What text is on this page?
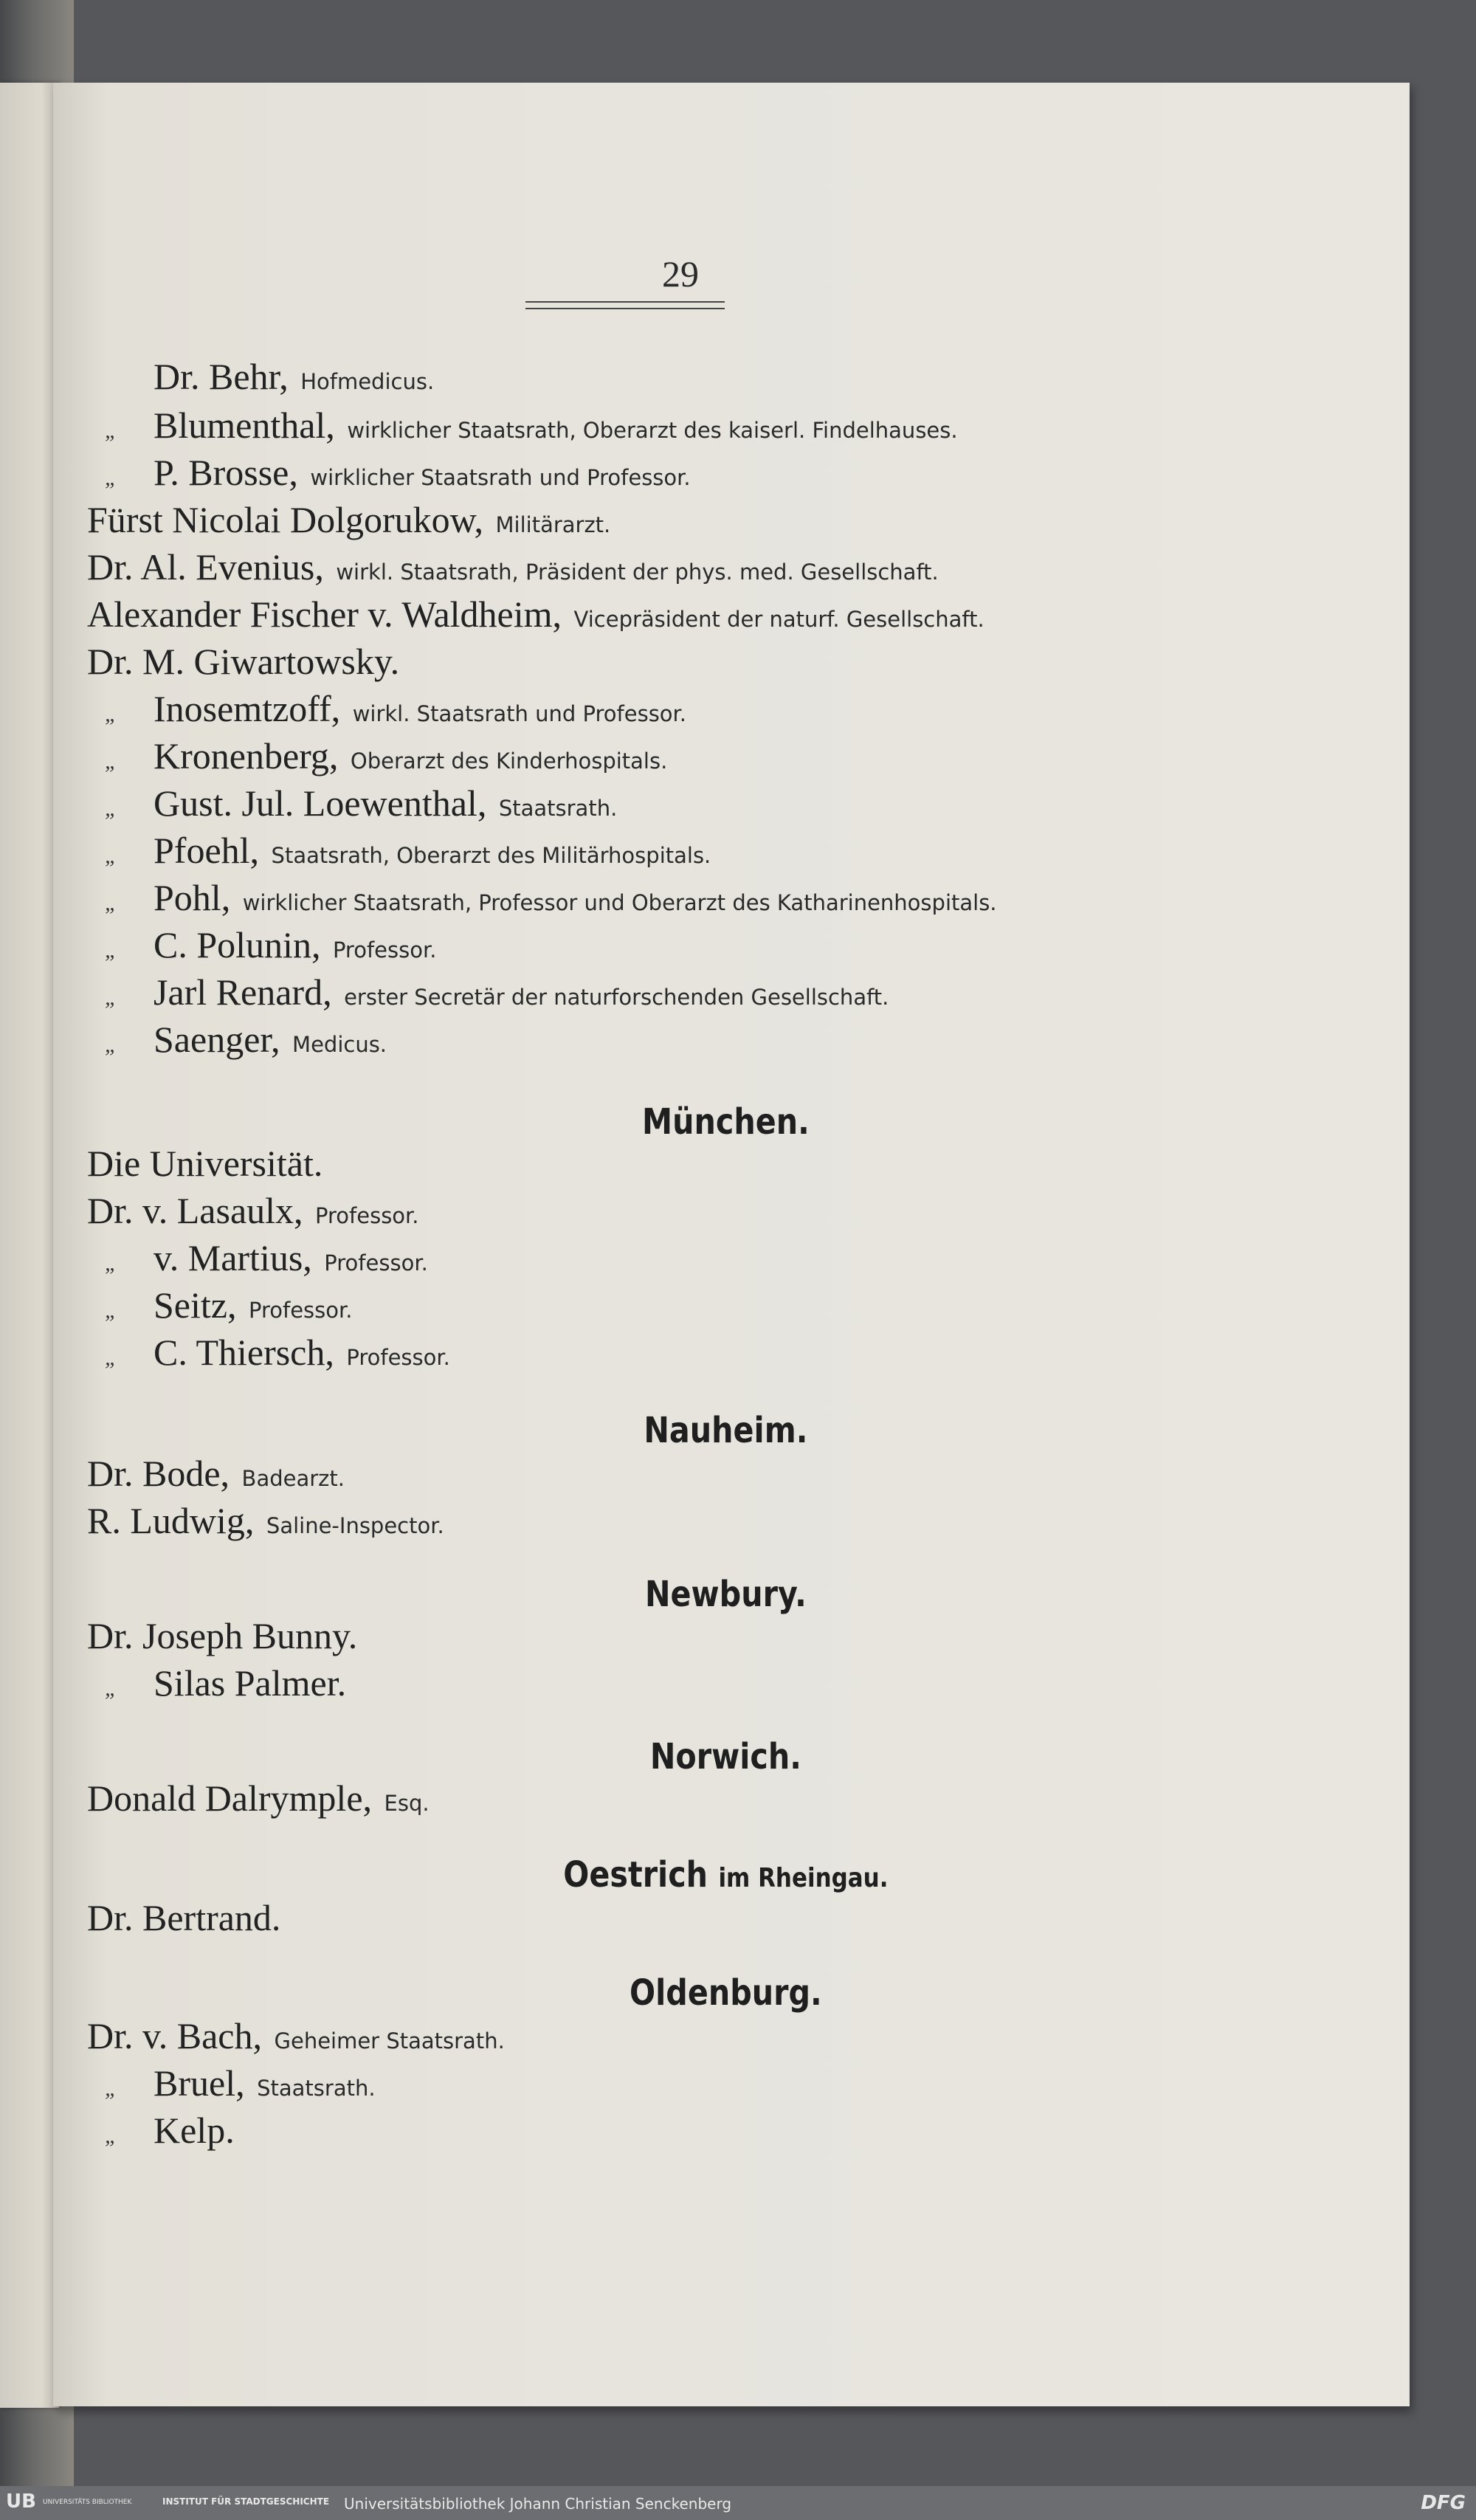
29
Dr. Behr, Hofmedicus.
„ Blumenthal, wirklicher Staatsrath, Oberarzt des kaiserl. Findelhauses.
„ P. Brosse, wirklicher Staatsrath und Professor.
Fürst Nicolai Dolgorukow, Militärarzt.
Dr. Al. Evenius, wirkl. Staatsrath, Präsident der phys. med. Gesellschaft.
Alexander Fischer v. Waldheim, Vicepräsident der naturf. Gesellschaft.
Dr. M. Giwartowsky.
„ Inosemtzoff, wirkl. Staatsrath und Professor.
„ Kronenberg, Oberarzt des Kinderhospitals.
„ Gust. Jul. Loewenthal, Staatsrath.
„ Pfoehl, Staatsrath, Oberarzt des Militärhospitals.
„ Pohl, wirklicher Staatsrath, Professor und Oberarzt des Katharinenhospitals.
„ C. Polunin, Professor.
„ Jarl Renard, erster Secretär der naturforschenden Gesellschaft.
„ Saenger, Medicus.
München.
Die Universität.
Dr. v. Lasaulx, Professor.
„ v. Martius, Professor.
„ Seitz, Professor.
„ C. Thiersch, Professor.
Nauheim.
Dr. Bode, Badearzt.
R. Ludwig, Saline-Inspector.
Newbury.
Dr. Joseph Bunny.
„ Silas Palmer.
Norwich.
Donald Dalrymple, Esq.
Oestrich im Rheingau.
Dr. Bertrand.
Oldenburg.
Dr. v. Bach, Geheimer Staatsrath.
„ Bruel, Staatsrath.
„ Kelp.
UB UNIVERSITÄTS BIBLIOTHEK	INSTITUT FÜR STADTGESCHICHTE Universitätsbibliothek Johann Christian Senckenberg	DFG
